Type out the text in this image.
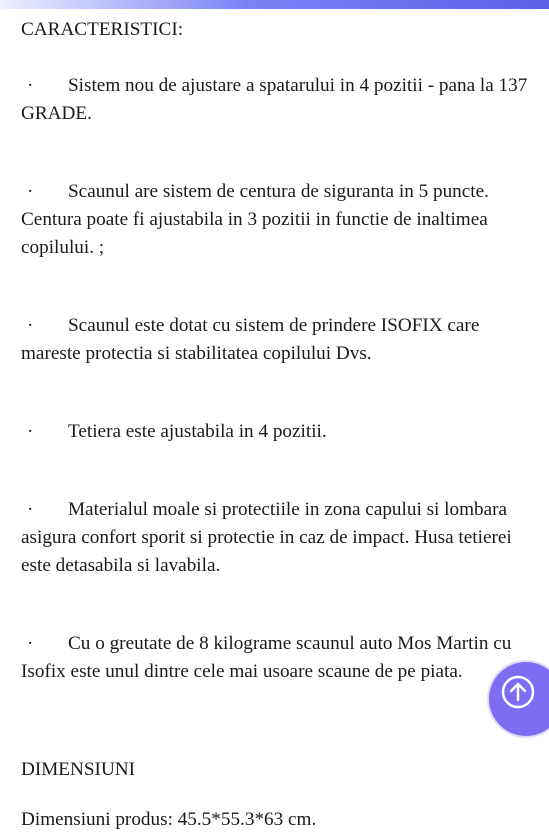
CARACTERISTICI:

· Sistem nou de ajustare a spatarului in 4 pozitii - pana la 137 GRADE.

· Scaunul are sistem de centura de siguranta in 5 puncte. Centura poate fi ajustabila in 3 pozitii in functie de inaltimea copilului. ;

· Scaunul este dotat cu sistem de prindere ISOFIX care mareste protectia si stabilitatea copilului Dvs.

· Tetiera este ajustabila in 4 pozitii.

· Materialul moale si protectiile in zona capului si lombara asigura confort sporit si protectie in caz de impact. Husa tetierei este detasabila si lavabila.

· Cu o greutate de 8 kilograme scaunul auto Mos Martin cu Isofix este unul dintre cele mai usoare scaune de pe piata.

DIMENSIUNI

Dimensiuni produs: 45.5*55.3*63 cm.
